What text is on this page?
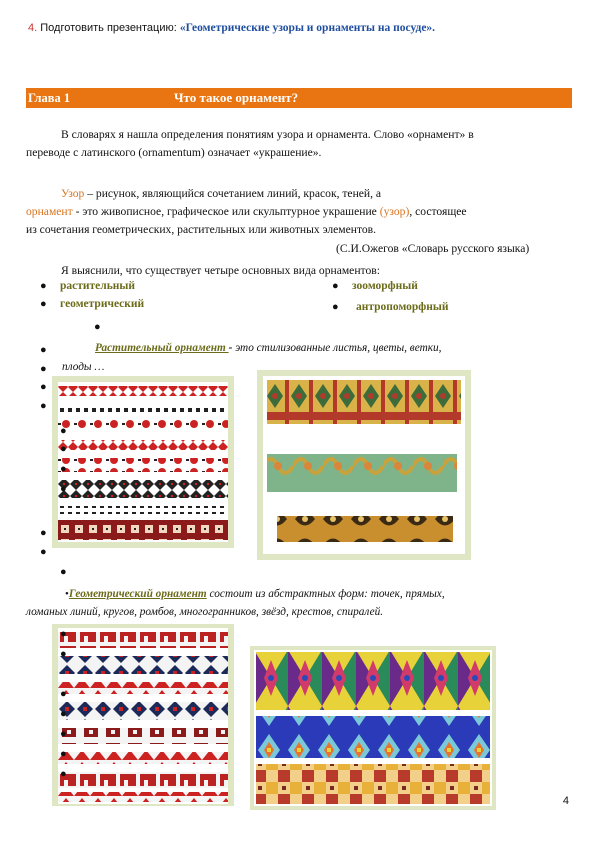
4. Подготовить презентацию: «Геометрические узоры и орнаменты на посуде».
Глава 1	Что такое орнамент?
В словарях я нашла определения понятиям узора и орнамента. Слово «орнамент» в
переводе с латинского (ornamentum) означает «украшение».
Узор – рисунок, являющийся сочетанием линий, красок, теней, а
орнамент - это живописное, графическое или скульптурное украшение (узор), состоящее
из сочетания геометрических, растительных или животных элементов.
(С.И.Ожегов «Словарь русского языка)
Я выяснили, что существует четыре основных вида орнаментов:
● растительный
● геометрический
● зооморфный
● антропоморфный
●
●	Растительный орнамент - это стилизованные листья, цветы, ветки,
● плоды …
●
●
●
●
●
●
●
●
●
•Геометрический орнамент состоит из абстрактных форм: точек, прямых,
ломаных линий, кругов, ромбов, многогранников, звёзд, крестов, спиралей.
●
●
●
●
●
●
●
4
